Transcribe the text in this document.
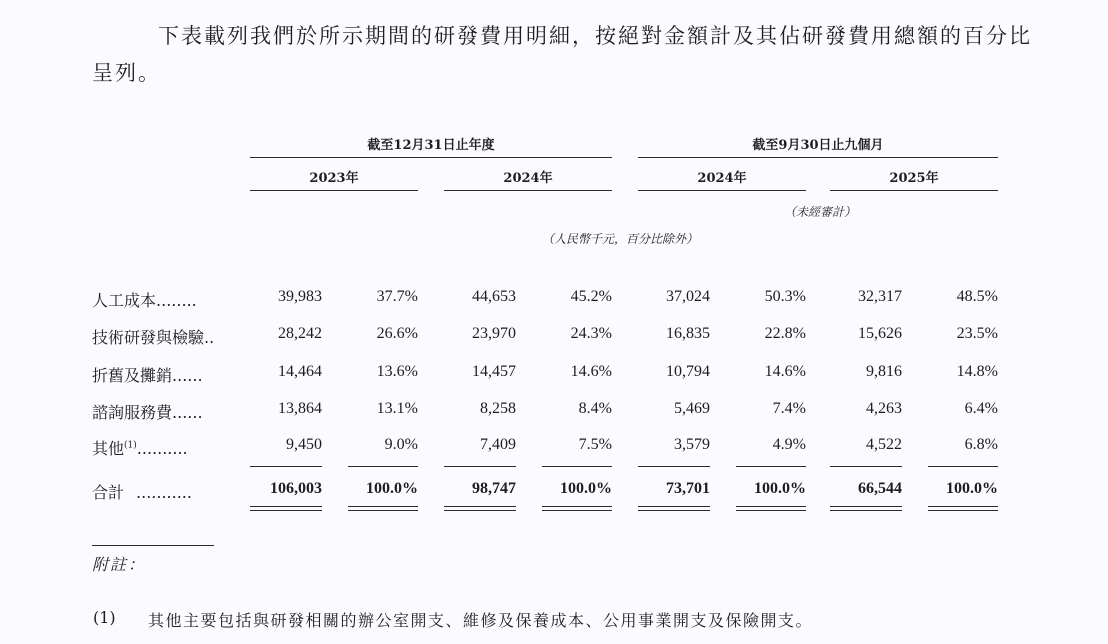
下表載列我們於所示期間的研發費用明細，按絕對金額計及其佔研發費用總額的百分比呈列。

截至12月31日止年度	截至9月30日止九個月
2023年	2024年	2024年	2025年
（未經審計）
（人民幣千元，百分比除外）
人工成本........	39,983	37.7%	44,653	45.2%	37,024	50.3%	32,317	48.5%
技術研發與檢驗..	28,242	26.6%	23,970	24.3%	16,835	22.8%	15,626	23.5%
折舊及攤銷......	14,464	13.6%	14,457	14.6%	10,794	14.6%	9,816	14.8%
諮詢服務費......	13,864	13.1%	8,258	8.4%	5,469	7.4%	4,263	6.4%
其他$^{(1)}$..........	9,450	9.0%	7,409	7.5%	3,579	4.9%	4,522	6.8%
合計 ...........	106,003	100.0%	98,747	100.0%	73,701	100.0%	66,544	100.0%
附註：
(1) 其他主要包括與研發相關的辦公室開支、維修及保養成本、公用事業開支及保險開支。
